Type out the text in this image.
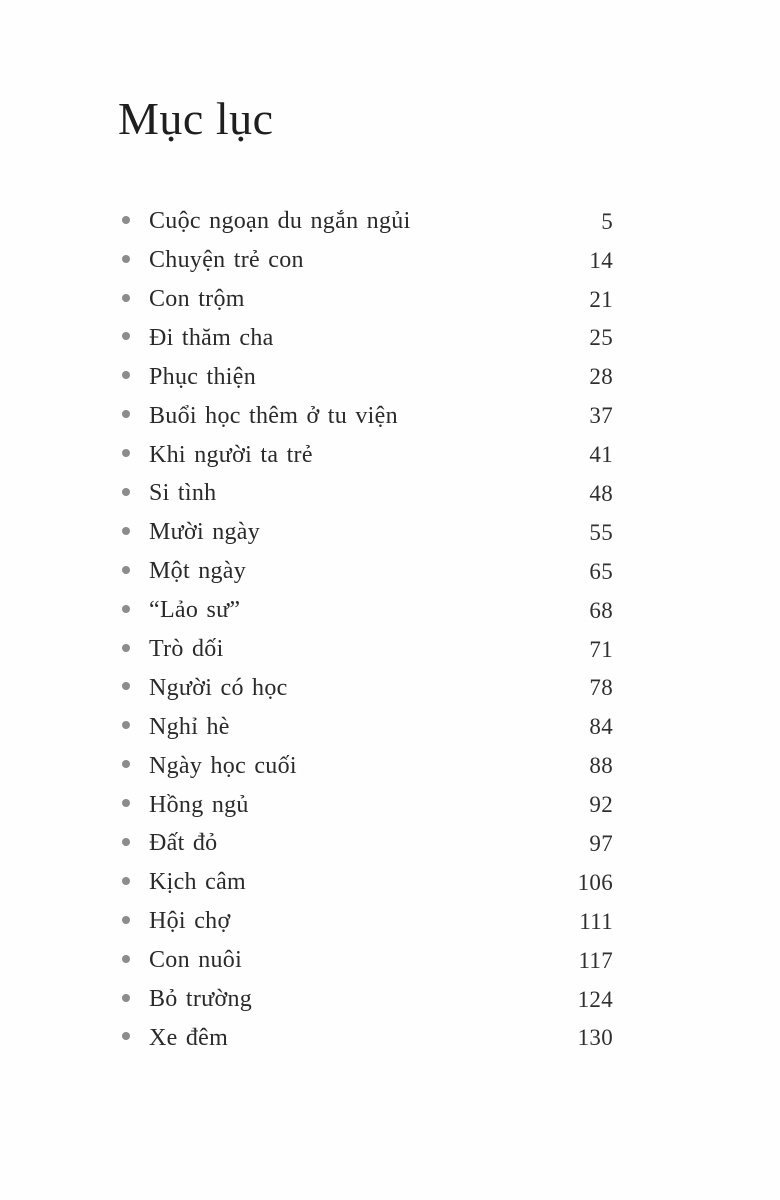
Mục lục
Cuộc ngoạn du ngắn ngủi	5
Chuyện trẻ con	14
Con trộm	21
Đi thăm cha	25
Phục thiện	28
Buổi học thêm ở tu viện	37
Khi người ta trẻ	41
Si tình	48
Mười ngày	55
Một ngày	65
“Lảo sư”	68
Trò dối	71
Người có học	78
Nghỉ hè	84
Ngày học cuối	88
Hồng ngủ	92
Đất đỏ	97
Kịch câm	106
Hội chợ	111
Con nuôi	117
Bỏ trường	124
Xe đêm	130
